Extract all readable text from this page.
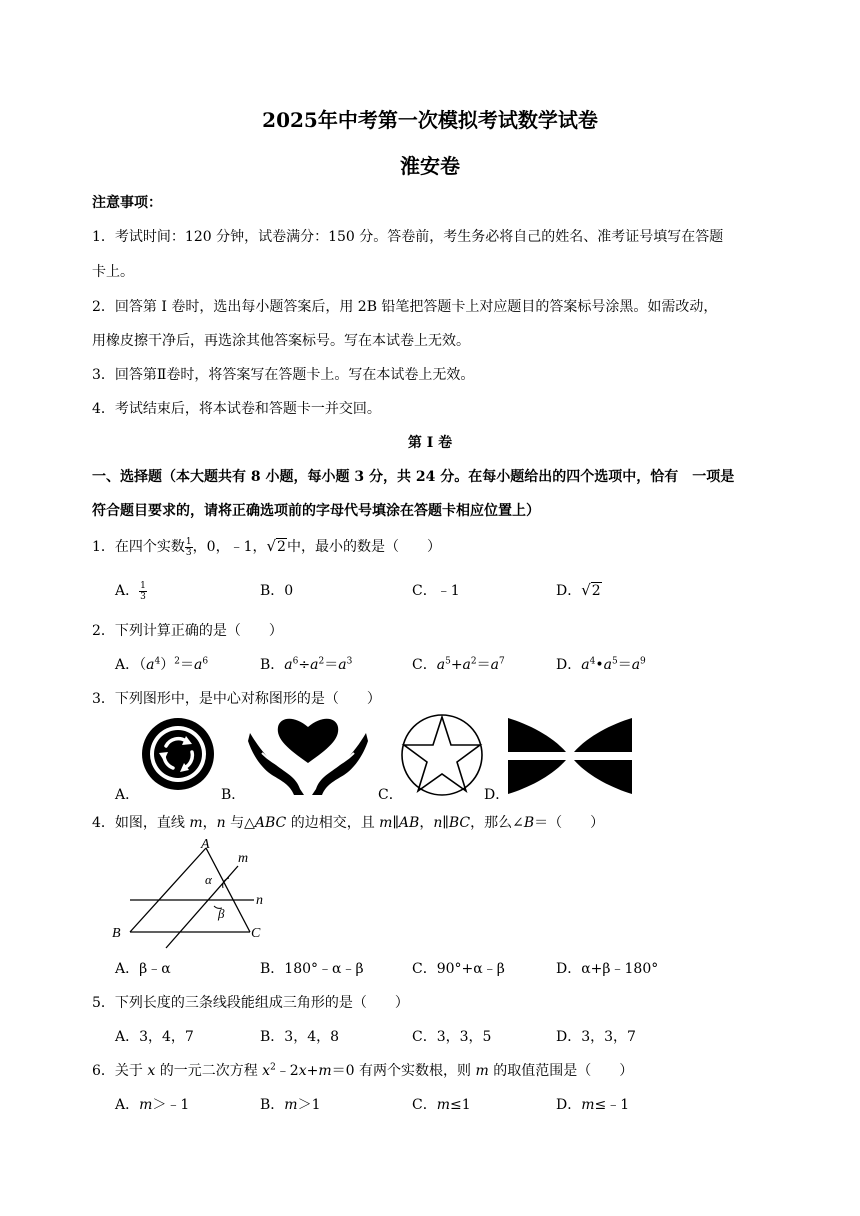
2025年中考第一次模拟考试数学试卷
淮安卷
注意事项：
1．考试时间：120 分钟，试卷满分：150 分。答卷前，考生务必将自己的姓名、准考证号填写在答题
卡上。
2．回答第 Ⅰ 卷时，选出每小题答案后，用 2B 铅笔把答题卡上对应题目的答案标号涂黑。如需改动，
用橡皮擦干净后，再选涂其他答案标号。写在本试卷上无效。
3．回答第Ⅱ卷时，将答案写在答题卡上。写在本试卷上无效。
4．考试结束后，将本试卷和答题卡一并交回。
第 Ⅰ 卷
一、选择题（本大题共有 8 小题，每小题 3 分，共 24 分。在每小题给出的四个选项中，恰有　一项是
符合题目要求的，请将正确选项前的字母代号填涂在答题卡相应位置上）
1．在四个实数 $\frac{1}{3}$ ，0，﹣1，√2中，最小的数是（　　）
A． $\frac{1}{3}$	B．0	C．﹣1	D．√2
2．下列计算正确的是（　　）
A．$(a^4)^2=a^6$	B．$a^6\div a^2=a^3$	C．$a^5+a^2=a^7$	D．$a^4•a^5=a^9$
3．下列图形中，是中心对称图形的是（　　）
A．	B．	C．	D．
4．如图，直线 m，n 与△ABC 的边相交，且 m∥AB，n∥BC，那么∠B＝（　　）
A
B	C
m
n
α
β
A．β﹣α	B．180°﹣α﹣β	C．90°+α﹣β	D．α+β﹣180°
5．下列长度的三条线段能组成三角形的是（　　）
A．3，4，7	B．3，4，8	C．3，3，5	D．3，3，7
6．关于 x 的一元二次方程 $x^2﹣2x+m=0$ 有两个实数根，则 m 的取值范围是（　　）
A．m＞﹣1	B．m＞1	C．m≤1	D．m≤﹣1
